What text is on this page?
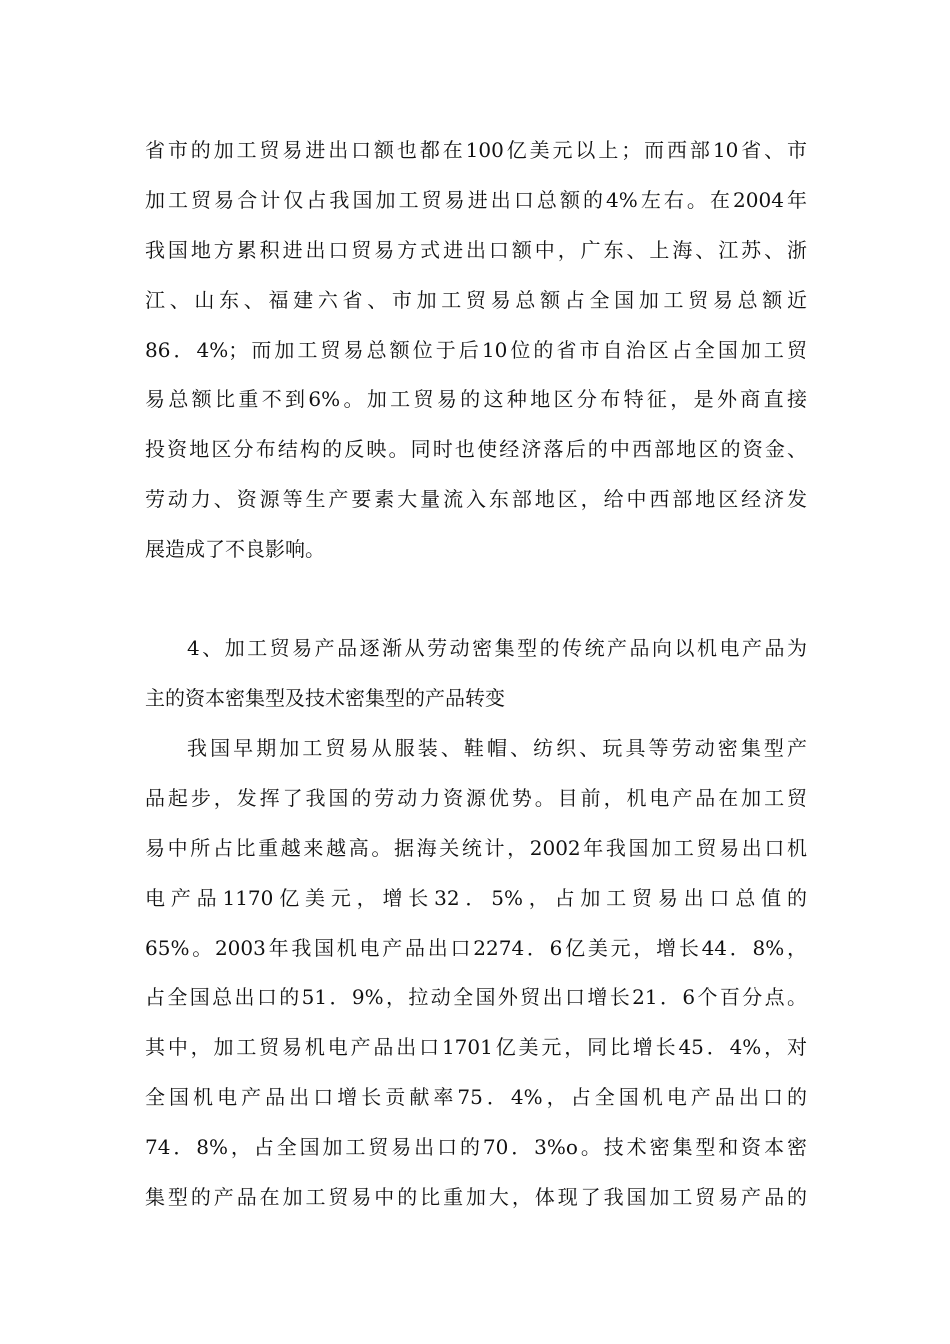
省市的加工贸易进出口额也都在100亿美元以上；而西部10省、市
加工贸易合计仅占我国加工贸易进出口总额的4%左右。在2004年
我国地方累积进出口贸易方式进出口额中，广东、上海、江苏、浙
江、山东、福建六省、市加工贸易总额占全国加工贸易总额近
86．4%；而加工贸易总额位于后10位的省市自治区占全国加工贸
易总额比重不到6%。加工贸易的这种地区分布特征，是外商直接
投资地区分布结构的反映。同时也使经济落后的中西部地区的资金、
劳动力、资源等生产要素大量流入东部地区，给中西部地区经济发
展造成了不良影响。
4、加工贸易产品逐渐从劳动密集型的传统产品向以机电产品为
主的资本密集型及技术密集型的产品转变
我国早期加工贸易从服装、鞋帽、纺织、玩具等劳动密集型产
品起步，发挥了我国的劳动力资源优势。目前，机电产品在加工贸
易中所占比重越来越高。据海关统计，2002年我国加工贸易出口机
电产品1170亿美元，增长32．5%，占加工贸易出口总值的
65%。2003年我国机电产品出口2274．6亿美元，增长44．8%，
占全国总出口的51．9%，拉动全国外贸出口增长21．6个百分点。
其中，加工贸易机电产品出口1701亿美元，同比增长45．4%，对
全国机电产品出口增长贡献率75．4%，占全国机电产品出口的
74．8%，占全国加工贸易出口的70．3%o。技术密集型和资本密
集型的产品在加工贸易中的比重加大，体现了我国加工贸易产品的
